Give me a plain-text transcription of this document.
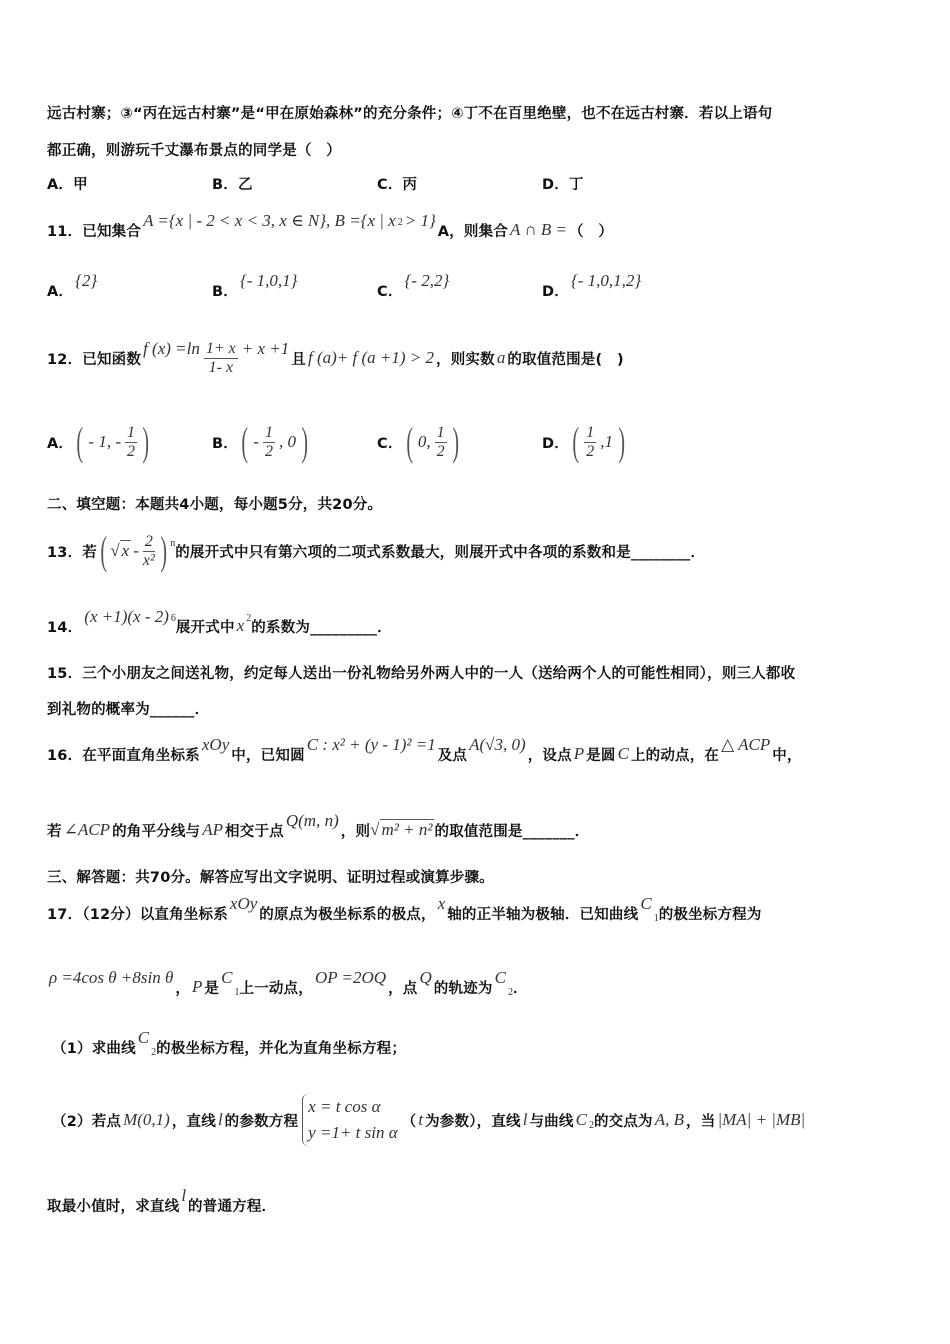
远古村寨；③“丙在远古村寨”是“甲在原始森林”的充分条件；④丁不在百里绝壁，也不在远古村寨．若以上语句
都正确，则游玩千丈瀑布景点的同学是（　）
A．甲	B．乙	C．丙	D．丁
11．已知集合
A ={x | - 2 < x < 3, x ∈ N}, B ={x | x 2 > 1}
A，则集合 A ∩ B = （　）
A．
{2}
B．
{- 1,0,1}
C．
{- 2,2}
D．
{- 1,0,1,2}
12．已知函数
f $(x) =\ln \frac{1+ x}{1- x} + x +1$
且 f (a)+ f (a +1) > 2 ，则实数 a 的取值范围是(　)
A． ( - 1, - $\frac{1}{2}$ )	B． ( - $\frac{1}{2}$ , 0 )	C． ( 0, $\frac{1}{2}$ )	D． ( $\frac{1}{2} ,1$ )
二、填空题：本题共4小题，每小题5分，共20分。
13．若 ( √ x - $\frac{2}{\text{x²}}$ ) n
的展开式中只有第六项的二项式系数最大，则展开式中各项的系数和是________．
14．
(x +1)(x - 2) 6
展开式中 x 2
的系数为_________．
15．三个小朋友之间送礼物，约定每人送出一份礼物给另外两人中的一人（送给两个人的可能性相同），则三人都收
到礼物的概率为______．
16．在平面直角坐标系
xOy
中，已知圆
C : x² + (y - 1)² =1
及点
A(√3, 0)
，设点 P 是圆 C 上的动点，在
△ ACP
中，
若 ∠ACP 的角平分线与 AP 相交于点
Q(m, n)
，则 √ m² + n² 的取值范围是_______．
三、解答题：共70分。解答应写出文字说明、证明过程或演算步骤。
17．（12分）以直角坐标系
xOy
的原点为极坐标系的极点，
x
轴的正半轴为极轴．已知曲线
C
1 的极坐标方程为
ρ =4cos θ +8sin θ
， P 是
C
1 上一动点，
OP =2OQ
，点
Q
的轨迹为
C
2 ．
（1）求曲线
C
2 的极坐标方程，并化为直角坐标方程；
（2）若点 M(0,1) ，直线 l 的参数方程
x = t cos α
y =1+ t sin α
（ t 为参数），直线 l 与曲线 C 2 的交点为 A, B ，当 |MA| + |MB|
取最小值时，求直线
l
的普通方程．
